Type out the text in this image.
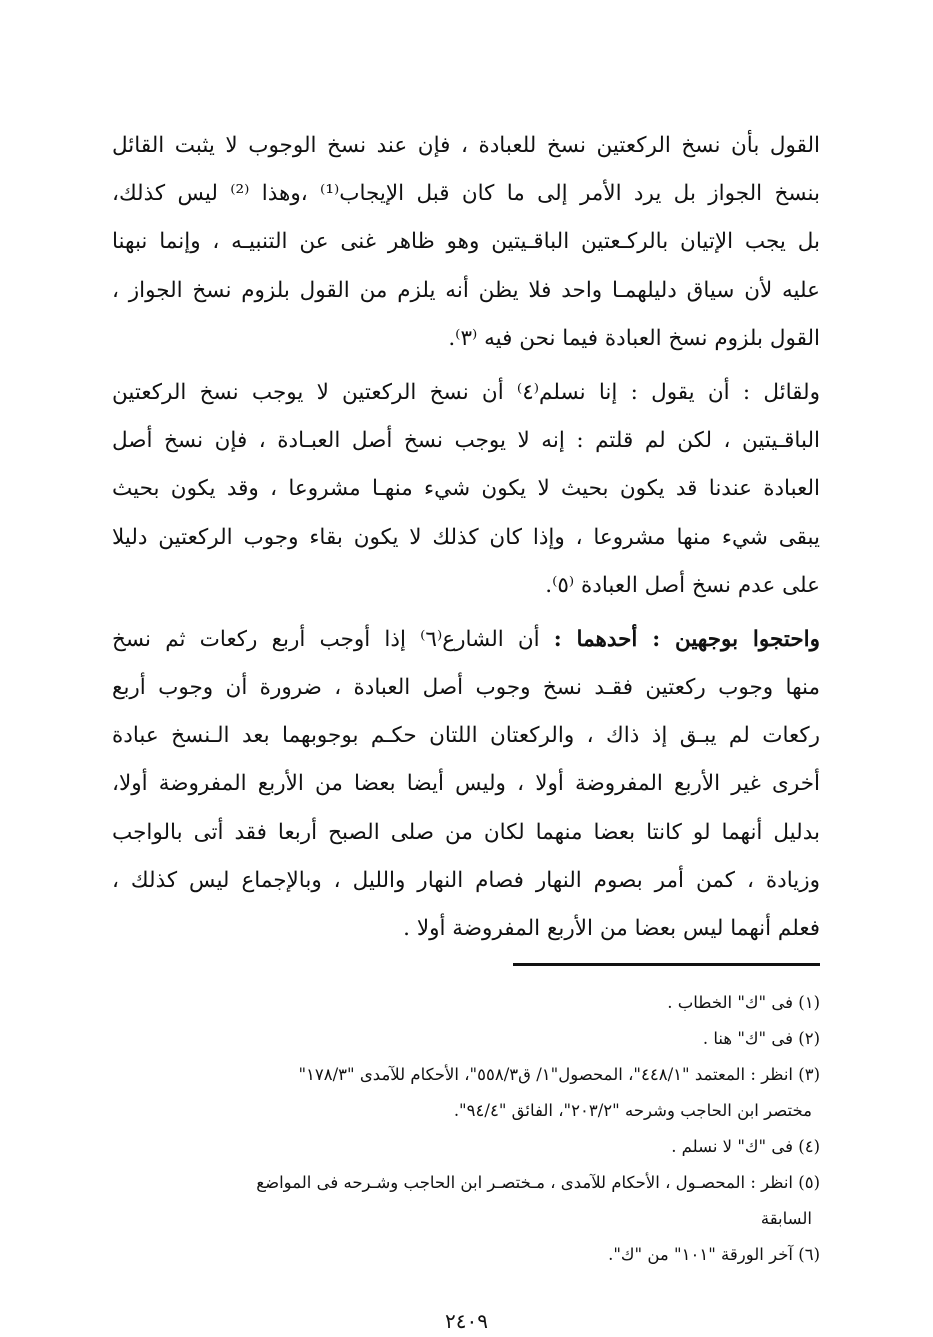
القول بأن نسخ الركعتين نسخ للعبادة ، فإن عند نسخ الوجوب لا يثبت القائل
بنسخ الجواز بل يرد الأمر إلى ما كان قبل الإيجاب⁽¹⁾ ،وهذا ⁽²⁾ ليس كذلك،
بل يجب الإتيان بالركـعتين الباقـيتين وهو ظاهر غنى عن التنبيـه ، وإنما نبهنا
عليه لأن سياق دليلهمـا واحد فلا يظن أنه يلزم من القول بلزوم نسخ الجواز ،
القول بلزوم نسخ العبادة فيما نحن فيه ⁽٣⁾.

ولقائل : أن يقول : إنا نسلم⁽٤⁾ أن نسخ الركعتين لا يوجب نسخ الركعتين
الباقـيتين ، لكن لم قلتم : إنه لا يوجب نسخ أصل العبـادة ، فإن نسخ أصل
العبادة عندنا قد يكون بحيث لا يكون شيء منهـا مشروعا ، وقد يكون بحيث
يبقى شيء منها مشروعا ، وإذا كان كذلك لا يكون بقاء وجوب الركعتين دليلا
على عدم نسخ أصل العبادة ⁽٥⁾.

واحتجوا بوجهين : أحدهما : أن الشارع⁽٦⁾ إذا أوجب أربع ركعات ثم نسخ
منها وجوب ركعتين فقـد نسخ وجوب أصل العبادة ، ضرورة أن وجوب أربع
ركعات لم يبـق إذ ذاك ، والركعتان اللتان حكـم بوجوبهما بعد الـنسخ عبادة
أخرى غير الأربع المفروضة أولا ، وليس أيضا بعضا من الأربع المفروضة أولا،
بدليل أنهما لو كانتا بعضا منهما لكان من صلى الصبح أربعا فقد أتى بالواجب
وزيادة ، كمن أمر بصوم النهار فصام النهار والليل ، وبالإجماع ليس كذلك ،
فعلم أنهما ليس بعضا من الأربع المفروضة أولا .

(١) فى "ك" الخطاب .
(٢) فى "ك" هنا .
(٣) انظر : المعتمد "٤٤٨/١"، المحصول"١/ ق٥٥٨/٣"، الأحكام للآمدى "١٧٨/٣"
مختصر ابن الحاجب وشرحه "٢٠٣/٢"، الفائق "٩٤/٤".
(٤) فى "ك" لا نسلم .
(٥) انظر : المحصـول ، الأحكام للآمدى ، مـختصـر ابن الحاجب وشـرحه فى المواضع
السابقة
(٦) آخر الورقة "١٠١" من "ك".
٢٤٠٩
